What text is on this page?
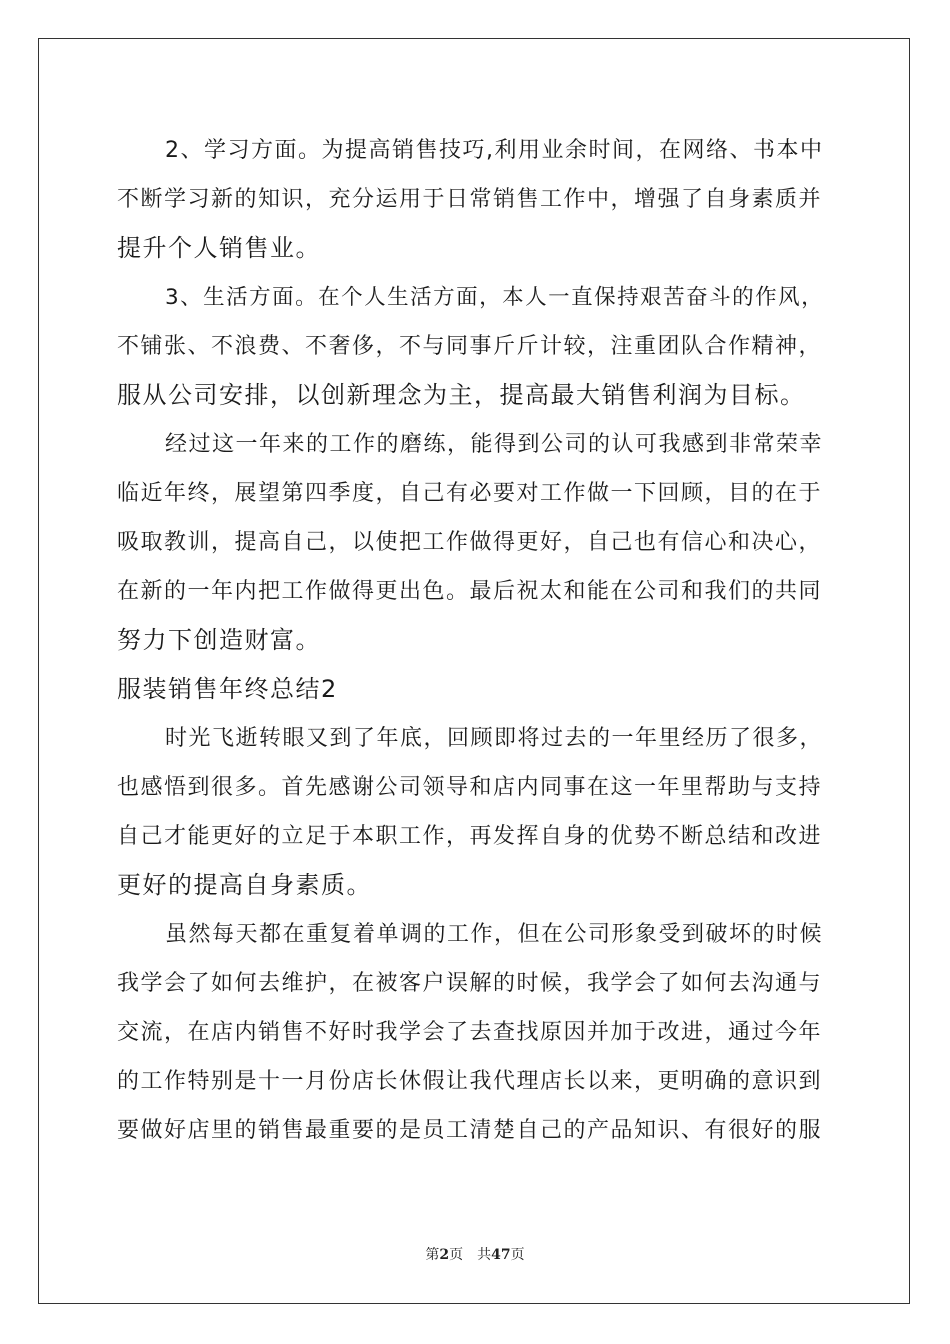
2、学习方面。为提高销售技巧,利用业余时间，在网络、书本中
不断学习新的知识，充分运用于日常销售工作中，增强了自身素质并
提升个人销售业。
3、生活方面。在个人生活方面，本人一直保持艰苦奋斗的作风，
不铺张、不浪费、不奢侈，不与同事斤斤计较，注重团队合作精神，
服从公司安排，以创新理念为主，提高最大销售利润为目标。
经过这一年来的工作的磨练，能得到公司的认可我感到非常荣幸
临近年终，展望第四季度，自己有必要对工作做一下回顾，目的在于
吸取教训，提高自己，以使把工作做得更好，自己也有信心和决心，
在新的一年内把工作做得更出色。最后祝太和能在公司和我们的共同
努力下创造财富。
服装销售年终总结2
时光飞逝转眼又到了年底，回顾即将过去的一年里经历了很多，
也感悟到很多。首先感谢公司领导和店内同事在这一年里帮助与支持
自己才能更好的立足于本职工作，再发挥自身的优势不断总结和改进
更好的提高自身素质。
虽然每天都在重复着单调的工作，但在公司形象受到破坏的时候
我学会了如何去维护，在被客户误解的时候，我学会了如何去沟通与
交流，在店内销售不好时我学会了去查找原因并加于改进，通过今年
的工作特别是十一月份店长休假让我代理店长以来，更明确的意识到
要做好店里的销售最重要的是员工清楚自己的产品知识、有很好的服
第2页 共47页
